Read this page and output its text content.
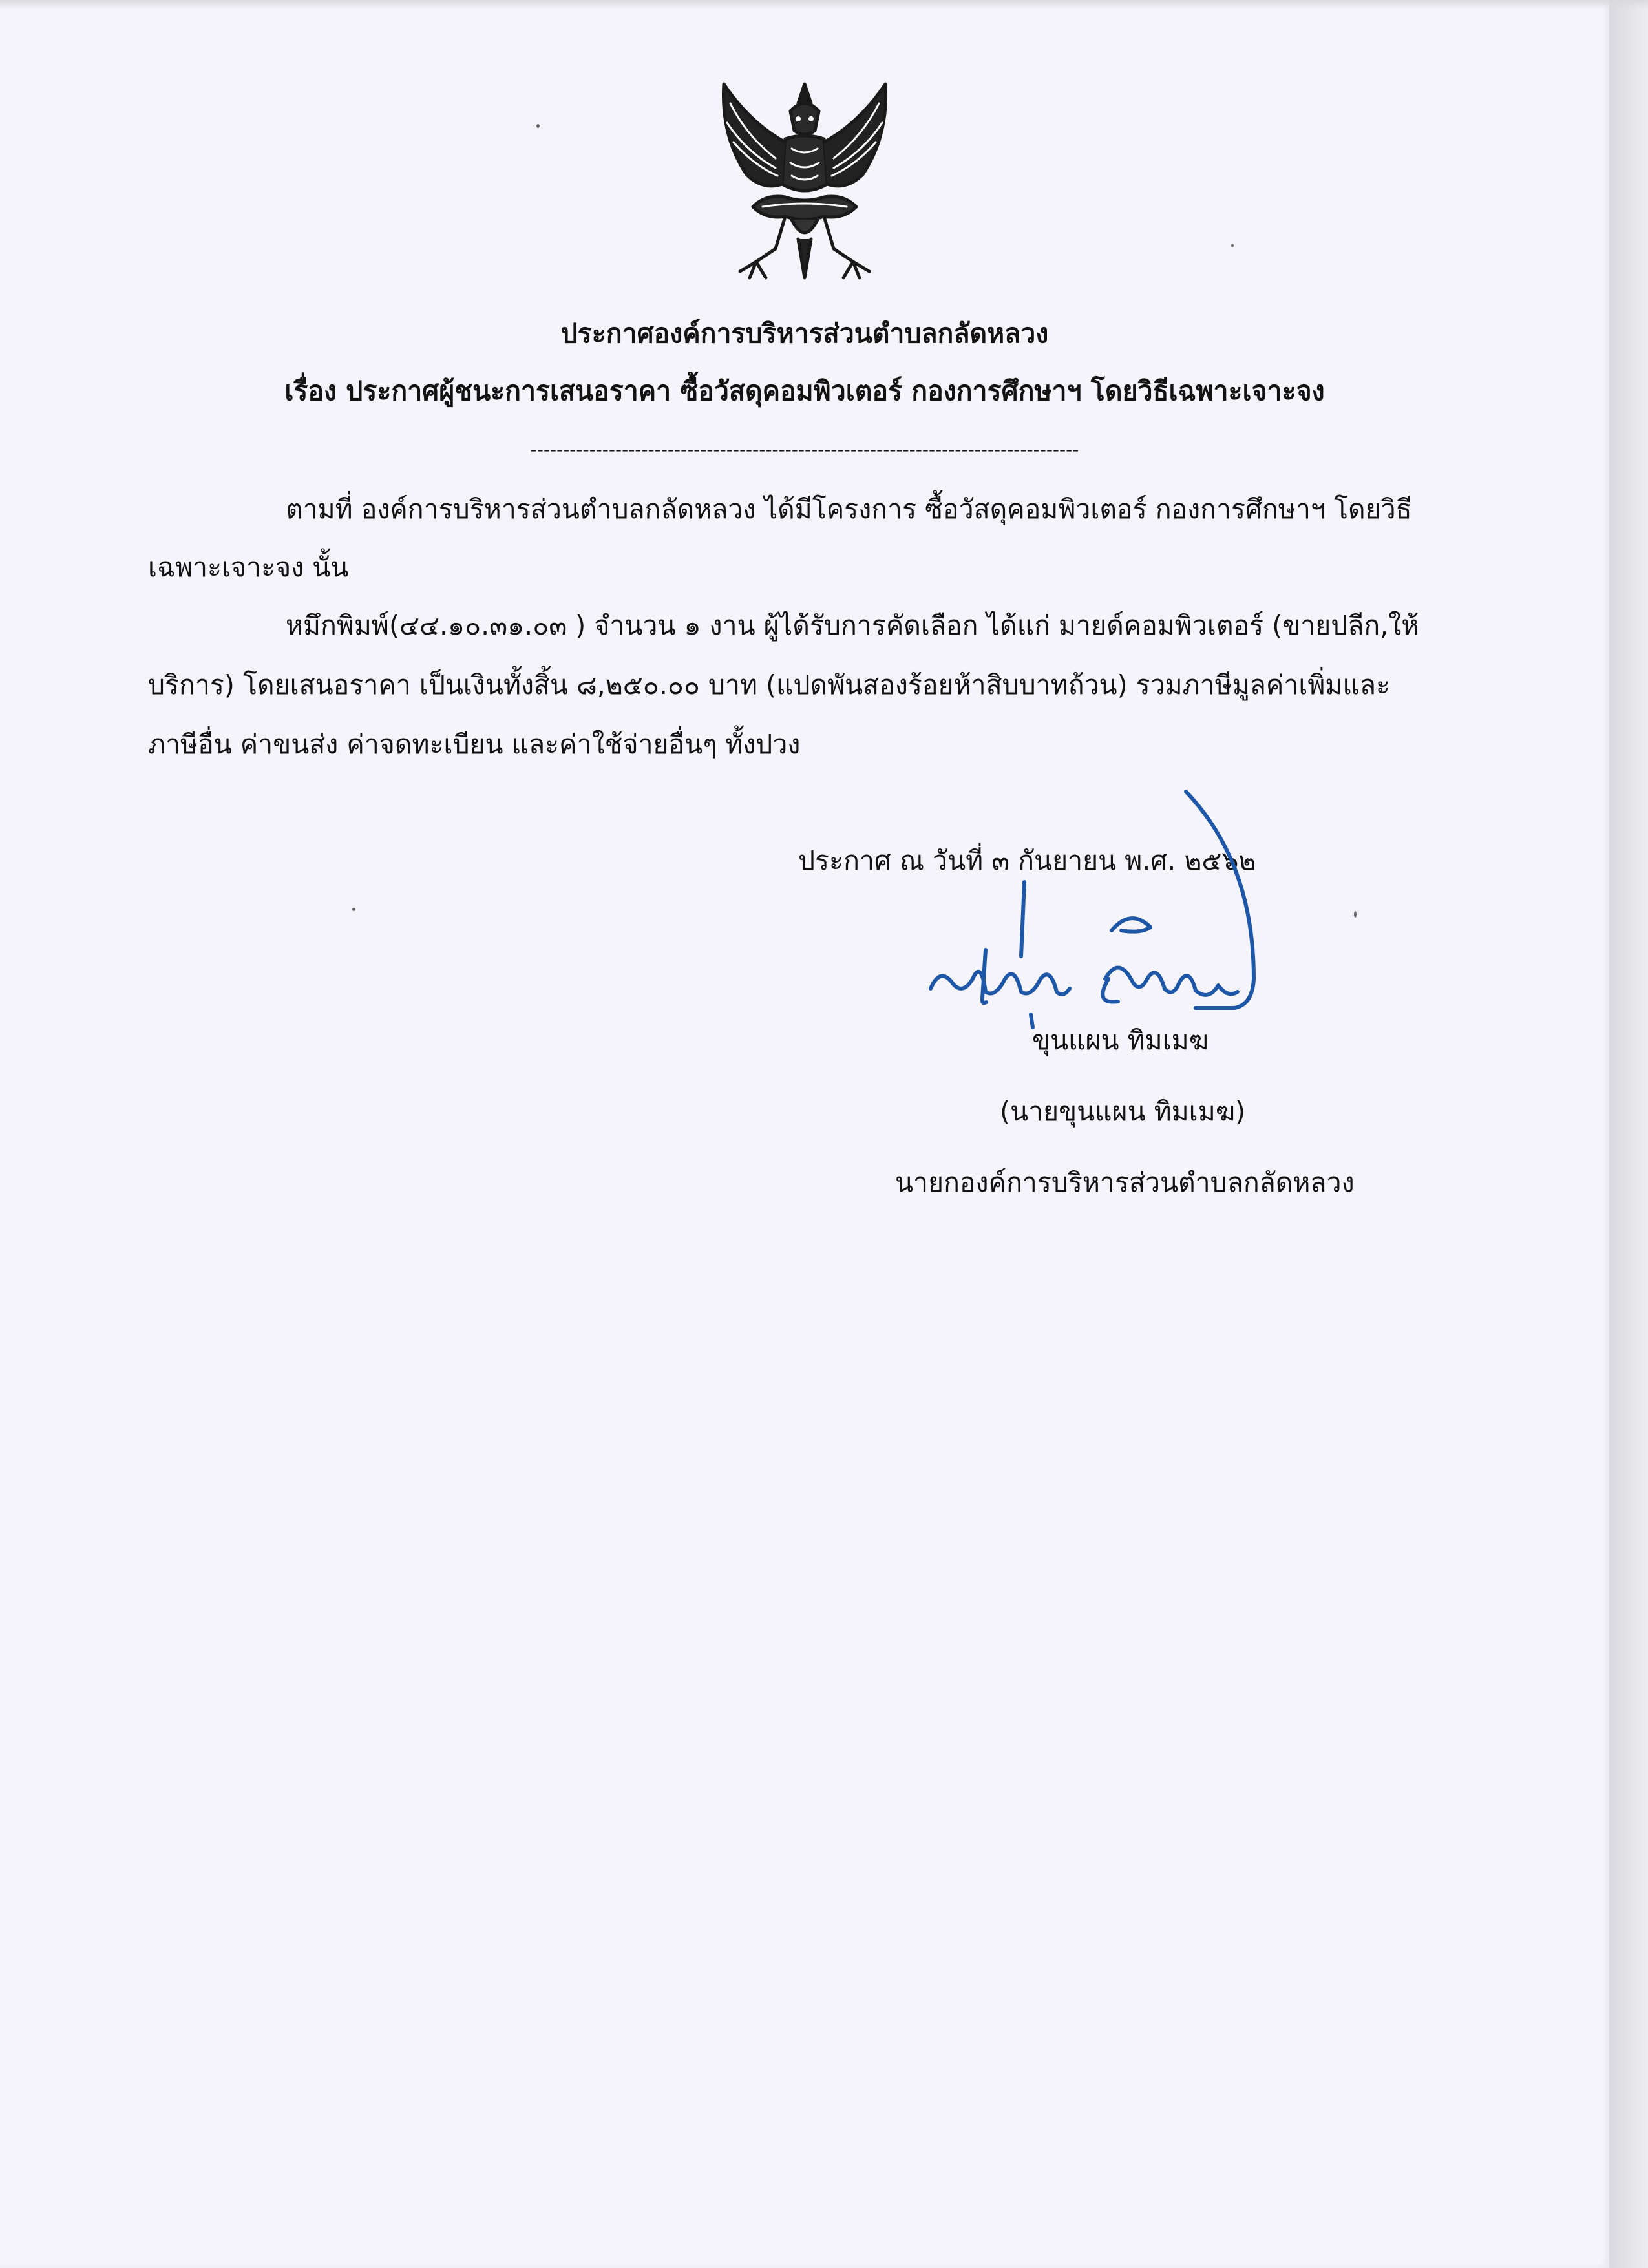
ประกาศองค์การบริหารส่วนตำบลกลัดหลวง
เรื่อง ประกาศผู้ชนะการเสนอราคา ซื้อวัสดุคอมพิวเตอร์ กองการศึกษาฯ โดยวิธีเฉพาะเจาะจง
------------------------------------------------------------------------------------
ตามที่ องค์การบริหารส่วนตำบลกลัดหลวง ได้มีโครงการ ซื้อวัสดุคอมพิวเตอร์ กองการศึกษาฯ โดยวิธี
เฉพาะเจาะจง นั้น
หมึกพิมพ์(๔๔.๑๐.๓๑.๐๓ ) จำนวน ๑ งาน ผู้ได้รับการคัดเลือก ได้แก่ มายด์คอมพิวเตอร์ (ขายปลีก,ให้
บริการ) โดยเสนอราคา เป็นเงินทั้งสิ้น ๘,๒๕๐.๐๐ บาท (แปดพันสองร้อยห้าสิบบาทถ้วน) รวมภาษีมูลค่าเพิ่มและ
ภาษีอื่น ค่าขนส่ง ค่าจดทะเบียน และค่าใช้จ่ายอื่นๆ ทั้งปวง
ประกาศ ณ วันที่ ๓ กันยายน พ.ศ. ๒๕๖๒
ขุนแผน ทิมเมฆ
(นายขุนแผน ทิมเมฆ)
นายกองค์การบริหารส่วนตำบลกลัดหลวง
